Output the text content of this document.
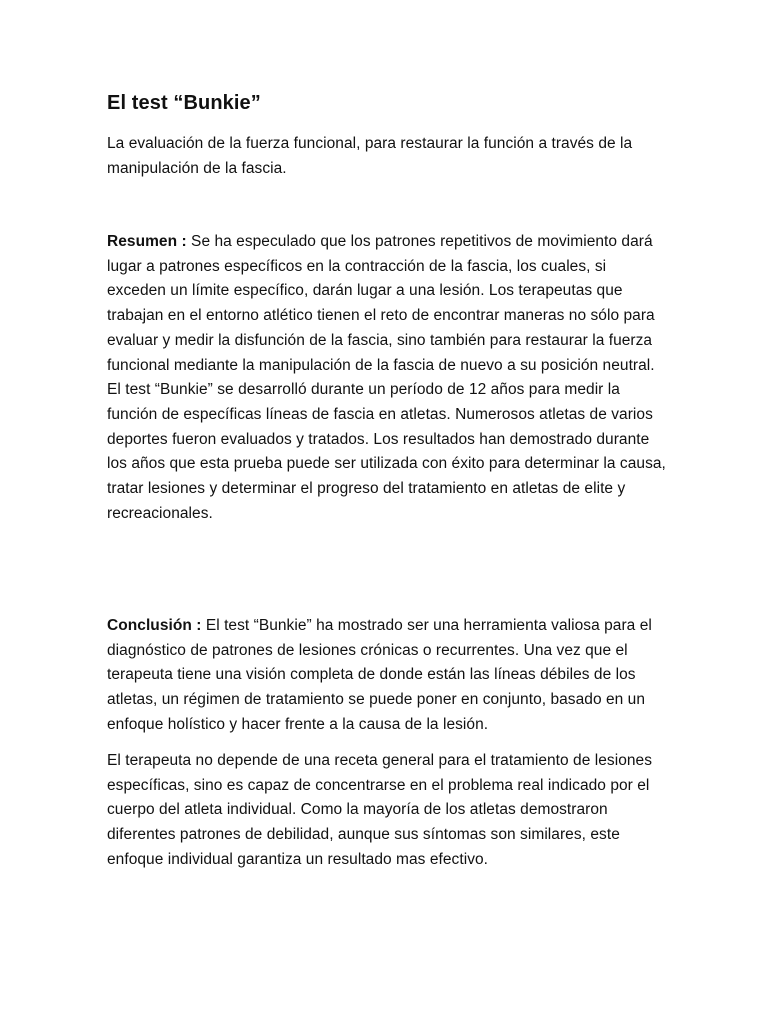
El test “Bunkie”
La evaluación de la fuerza funcional, para restaurar la función a través de la manipulación de la fascia.
Resumen : Se ha especulado que los patrones repetitivos de movimiento dará lugar a patrones específicos en la contracción de la fascia, los cuales, si exceden un límite específico, darán lugar a una lesión. Los terapeutas que trabajan en el entorno atlético tienen el reto de encontrar maneras no sólo para evaluar y medir la disfunción de la fascia, sino también para restaurar la fuerza funcional mediante la manipulación de la fascia de nuevo a su posición neutral. El test “Bunkie” se desarrolló durante un período de 12 años para medir la función de específicas líneas de fascia en atletas. Numerosos atletas de varios deportes fueron evaluados y tratados. Los resultados han demostrado durante los años que esta prueba puede ser utilizada con éxito para determinar la causa, tratar lesiones y determinar el progreso del tratamiento en atletas de elite y recreacionales.
Conclusión : El test “Bunkie” ha mostrado ser una herramienta valiosa para el diagnóstico de patrones de lesiones crónicas o recurrentes. Una vez que el terapeuta tiene una visión completa de donde están las líneas débiles de los atletas, un régimen de tratamiento se puede poner en conjunto, basado en un enfoque holístico y hacer frente a la causa de la lesión.
El terapeuta no depende de una receta general para el tratamiento de lesiones específicas, sino es capaz de concentrarse en el problema real indicado por el cuerpo del atleta individual. Como la mayoría de los atletas demostraron diferentes patrones de debilidad, aunque sus síntomas son similares, este enfoque individual garantiza un resultado mas efectivo.
